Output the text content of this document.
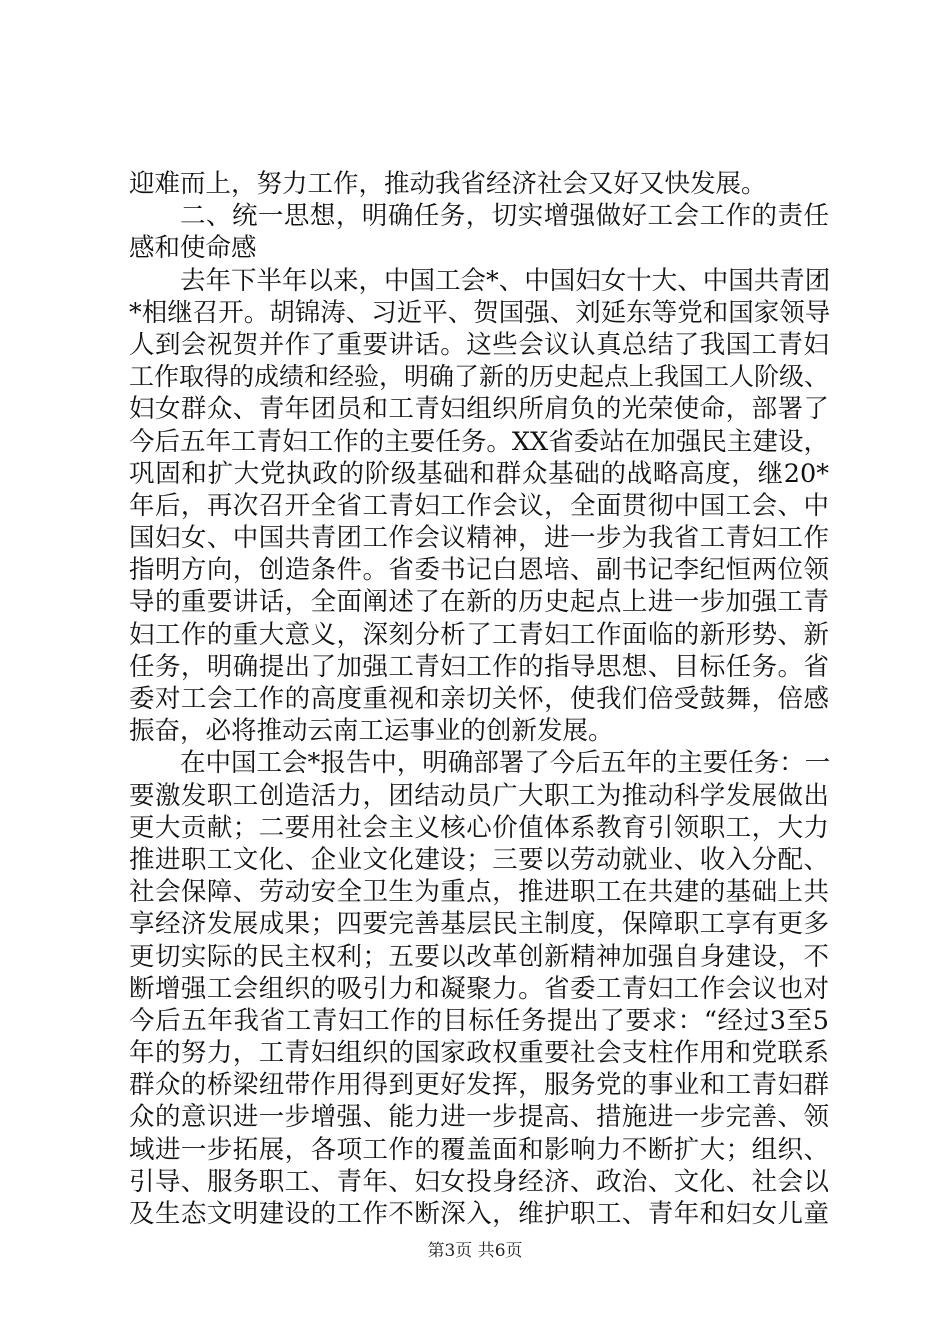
迎难而上，努力工作，推动我省经济社会又好又快发展。
二、统一思想，明确任务，切实增强做好工会工作的责任
感和使命感
去年下半年以来，中国工会*、中国妇女十大、中国共青团
*相继召开。胡锦涛、习近平、贺国强、刘延东等党和国家领导
人到会祝贺并作了重要讲话。这些会议认真总结了我国工青妇
工作取得的成绩和经验，明确了新的历史起点上我国工人阶级、
妇女群众、青年团员和工青妇组织所肩负的光荣使命，部署了
今后五年工青妇工作的主要任务。XX省委站在加强民主建设，
巩固和扩大党执政的阶级基础和群众基础的战略高度，继20*
年后，再次召开全省工青妇工作会议，全面贯彻中国工会、中
国妇女、中国共青团工作会议精神，进一步为我省工青妇工作
指明方向，创造条件。省委书记白恩培、副书记李纪恒两位领
导的重要讲话，全面阐述了在新的历史起点上进一步加强工青
妇工作的重大意义，深刻分析了工青妇工作面临的新形势、新
任务，明确提出了加强工青妇工作的指导思想、目标任务。省
委对工会工作的高度重视和亲切关怀，使我们倍受鼓舞，倍感
振奋，必将推动云南工运事业的创新发展。
在中国工会*报告中，明确部署了今后五年的主要任务：一
要激发职工创造活力，团结动员广大职工为推动科学发展做出
更大贡献；二要用社会主义核心价值体系教育引领职工，大力
推进职工文化、企业文化建设；三要以劳动就业、收入分配、
社会保障、劳动安全卫生为重点，推进职工在共建的基础上共
享经济发展成果；四要完善基层民主制度，保障职工享有更多
更切实际的民主权利；五要以改革创新精神加强自身建设，不
断增强工会组织的吸引力和凝聚力。省委工青妇工作会议也对
今后五年我省工青妇工作的目标任务提出了要求：“经过3至5
年的努力，工青妇组织的国家政权重要社会支柱作用和党联系
群众的桥梁纽带作用得到更好发挥，服务党的事业和工青妇群
众的意识进一步增强、能力进一步提高、措施进一步完善、领
域进一步拓展，各项工作的覆盖面和影响力不断扩大；组织、
引导、服务职工、青年、妇女投身经济、政治、文化、社会以
及生态文明建设的工作不断深入，维护职工、青年和妇女儿童
第3页 共6页
